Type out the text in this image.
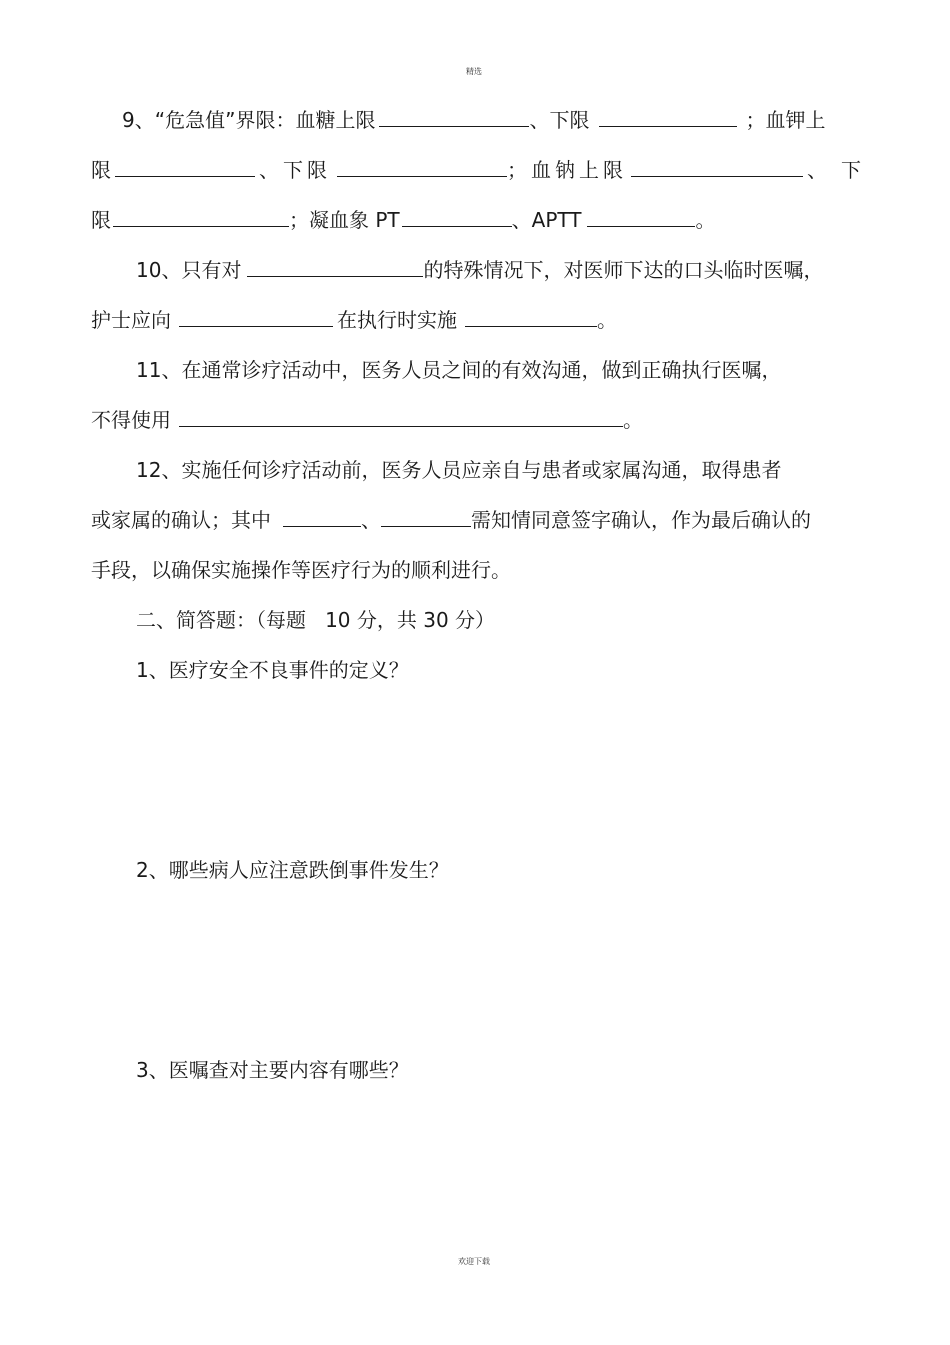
精选
9、“危急值”界限：血糖上限	、下限	；血钾上
限	、下限	；血钠上限	、下
限	；凝血象 PT	、APTT	。
10、只有对	的特殊情况下，对医师下达的口头临时医嘱，
护士应向	在执行时实施	。
11、在通常诊疗活动中，医务人员之间的有效沟通，做到正确执行医嘱，
不得使用	。
12、实施任何诊疗活动前，医务人员应亲自与患者或家属沟通，取得患者
或家属的确认；其中	、	需知情同意签字确认，作为最后确认的
手段，以确保实施操作等医疗行为的顺利进行。
二、简答题：（每题   10 分，共 30 分）
1、医疗安全不良事件的定义？
2、哪些病人应注意跌倒事件发生？
3、医嘱查对主要内容有哪些？
欢迎下载
